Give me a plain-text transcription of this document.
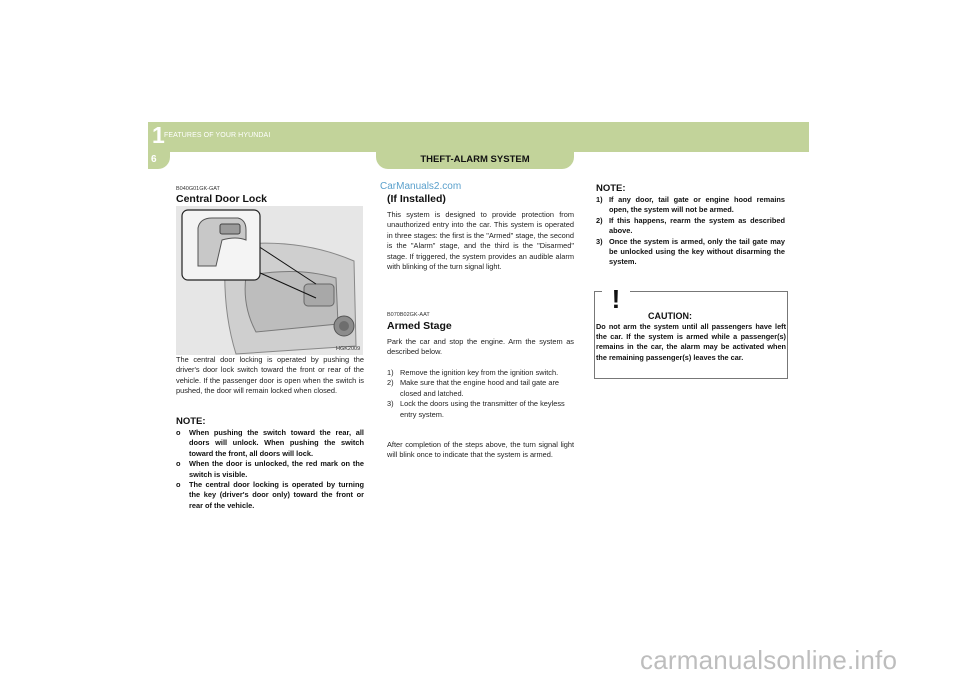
1 FEATURES OF YOUR HYUNDAI
6	THEFT-ALARM SYSTEM
B040G01GK-GAT
Central Door Lock
HGK2009
The central door locking is operated by pushing the driver's door lock switch toward the front or rear of the vehicle. If the passenger door is open when the switch is pushed, the door will remain locked when closed.
NOTE:
o When pushing the switch toward the rear, all doors will unlock. When pushing the switch toward the front, all doors will lock.
o When the door is unlocked, the red mark on the switch is visible.
o The central door locking is operated by turning the key (driver's door only) toward the front or rear of the vehicle.
CarManuals2.com
(If Installed)
This system is designed to provide protection from unauthorized entry into the car. This system is operated in three stages: the first is the "Armed" stage, the second is the "Alarm" stage, and the third is the "Disarmed" stage. If triggered, the system provides an audible alarm with blinking of the turn signal light.
B070B02GK-AAT
Armed Stage
Park the car and stop the engine. Arm the system as described below.
1) Remove the ignition key from the ignition switch.
2) Make sure that the engine hood and tail gate are closed and latched.
3) Lock the doors using the transmitter of the keyless entry system.
After completion of the steps above, the turn signal light will blink once to indicate that the system is armed.
NOTE:
1) If any door, tail gate or engine hood remains open, the system will not be armed.
2) If this happens, rearm the system as described above.
3) Once the system is armed, only the tail gate may be unlocked using the key without disarming the system.
!
CAUTION:
Do not arm the system until all passengers have left the car. If the system is armed while a passenger(s) remains in the car, the alarm may be activated when the remaining passenger(s) leaves the car.
carmanualsonline.info
